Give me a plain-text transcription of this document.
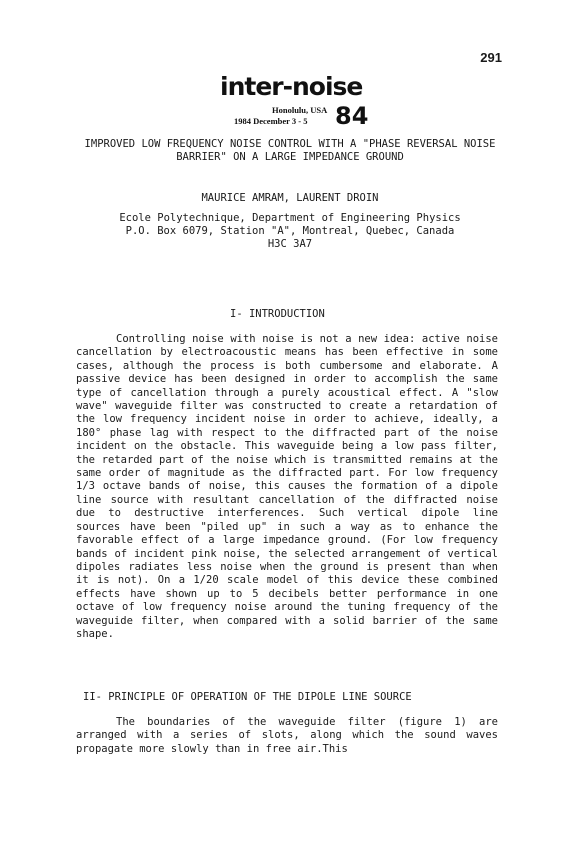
291
inter-noise
Honolulu, USA
1984 December 3 - 5 84
IMPROVED LOW FREQUENCY NOISE CONTROL WITH A "PHASE REVERSAL NOISE BARRIER" ON A LARGE IMPEDANCE GROUND
MAURICE AMRAM, LAURENT DROIN
Ecole Polytechnique, Department of Engineering Physics
P.O. Box 6079, Station "A", Montreal, Quebec, Canada
H3C 3A7
I- INTRODUCTION

Controlling noise with noise is not a new idea: active noise cancellation by electroacoustic means has been effective in some cases, although the process is both cumbersome and elaborate. A passive device has been designed in order to accomplish the same type of cancellation through a purely acoustical effect. A "slow wave" waveguide filter was constructed to create a retardation of the low frequency incident noise in order to achieve, ideally, a 180° phase lag with respect to the diffracted part of the noise incident on the obstacle. This waveguide being a low pass filter, the retarded part of the noise which is transmitted remains at the same order of magnitude as the diffracted part. For low frequency 1/3 octave bands of noise, this causes the formation of a dipole line source with resultant cancellation of the diffracted noise due to destructive interferences. Such vertical dipole line sources have been "piled up" in such a way as to enhance the favorable effect of a large impedance ground. (For low frequency bands of incident pink noise, the selected arrangement of vertical dipoles radiates less noise when the ground is present than when it is not). On a 1/20 scale model of this device these combined effects have shown up to 5 decibels better performance in one octave of low frequency noise around the tuning frequency of the waveguide filter, when compared with a solid barrier of the same shape.

II- PRINCIPLE OF OPERATION OF THE DIPOLE LINE SOURCE

The boundaries of the waveguide filter (figure 1) are arranged with a series of slots, along which the sound waves propagate more slowly than in free air.This
